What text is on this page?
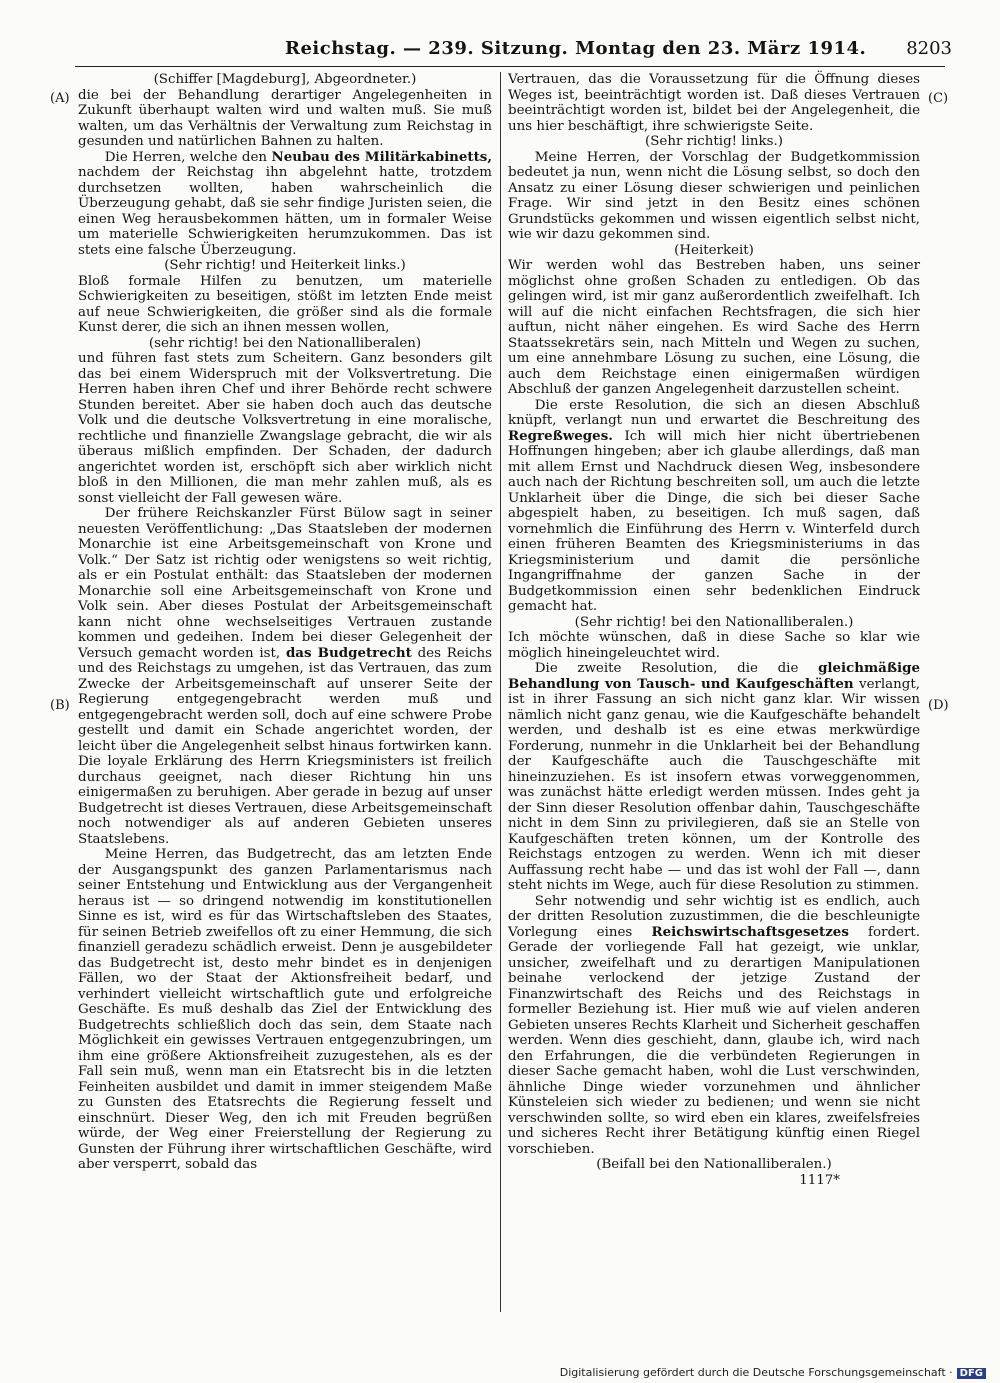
Reichstag. — 239. Sitzung. Montag den 23. März 1914. 8203
(A)
(B)
(C)
(D)

(Schiffer [Magdeburg], Abgeordneter.)

die bei der Behandlung derartiger Angelegenheiten in Zukunft überhaupt walten wird und walten muß. Sie muß walten, um das Verhältnis der Verwaltung zum Reichstag in gesunden und natürlichen Bahnen zu halten.

Die Herren, welche den Neubau des Militärkabinetts, nachdem der Reichstag ihn abgelehnt hatte, trotzdem durchsetzen wollten, haben wahrscheinlich die Überzeugung gehabt, daß sie sehr findige Juristen seien, die einen Weg herausbekommen hätten, um in formaler Weise um materielle Schwierigkeiten herumzukommen. Das ist stets eine falsche Überzeugung.

(Sehr richtig! und Heiterkeit links.)

Bloß formale Hilfen zu benutzen, um materielle Schwierigkeiten zu beseitigen, stößt im letzten Ende meist auf neue Schwierigkeiten, die größer sind als die formale Kunst derer, die sich an ihnen messen wollen,

(sehr richtig! bei den Nationalliberalen)

und führen fast stets zum Scheitern. Ganz besonders gilt das bei einem Widerspruch mit der Volksvertretung. Die Herren haben ihren Chef und ihrer Behörde recht schwere Stunden bereitet. Aber sie haben doch auch das deutsche Volk und die deutsche Volksvertretung in eine moralische, rechtliche und finanzielle Zwangslage gebracht, die wir als überaus mißlich empfinden. Der Schaden, der dadurch angerichtet worden ist, erschöpft sich aber wirklich nicht bloß in den Millionen, die man mehr zahlen muß, als es sonst vielleicht der Fall gewesen wäre.

Der frühere Reichskanzler Fürst Bülow sagt in seiner neuesten Veröffentlichung: „Das Staatsleben der modernen Monarchie ist eine Arbeitsgemeinschaft von Krone und Volk.“ Der Satz ist richtig oder wenigstens so weit richtig, als er ein Postulat enthält: das Staatsleben der modernen Monarchie soll eine Arbeitsgemeinschaft von Krone und Volk sein. Aber dieses Postulat der Arbeitsgemeinschaft kann nicht ohne wechselseitiges Vertrauen zustande kommen und gedeihen. Indem bei dieser Gelegenheit der Versuch gemacht worden ist, das Budgetrecht des Reichs und des Reichstags zu umgehen, ist das Vertrauen, das zum Zwecke der Arbeitsgemeinschaft auf unserer Seite der Regierung entgegengebracht werden muß und entgegengebracht werden soll, doch auf eine schwere Probe gestellt und damit ein Schade angerichtet worden, der leicht über die Angelegenheit selbst hinaus fortwirken kann. Die loyale Erklärung des Herrn Kriegsministers ist freilich durchaus geeignet, nach dieser Richtung hin uns einigermaßen zu beruhigen. Aber gerade in bezug auf unser Budgetrecht ist dieses Vertrauen, diese Arbeitsgemeinschaft noch notwendiger als auf anderen Gebieten unseres Staatslebens.

Meine Herren, das Budgetrecht, das am letzten Ende der Ausgangspunkt des ganzen Parlamentarismus nach seiner Entstehung und Entwicklung aus der Vergangenheit heraus ist — so dringend notwendig im konstitutionellen Sinne es ist, wird es für das Wirtschaftsleben des Staates, für seinen Betrieb zweifellos oft zu einer Hemmung, die sich finanziell geradezu schädlich erweist. Denn je ausgebildeter das Budgetrecht ist, desto mehr bindet es in denjenigen Fällen, wo der Staat der Aktionsfreiheit bedarf, und verhindert vielleicht wirtschaftlich gute und erfolgreiche Geschäfte. Es muß deshalb das Ziel der Entwicklung des Budgetrechts schließlich doch das sein, dem Staate nach Möglichkeit ein gewisses Vertrauen entgegenzubringen, um ihm eine größere Aktionsfreiheit zuzugestehen, als es der Fall sein muß, wenn man ein Etatsrecht bis in die letzten Feinheiten ausbildet und damit in immer steigendem Maße zu Gunsten des Etatsrechts die Regierung fesselt und einschnürt. Dieser Weg, den ich mit Freuden begrüßen würde, der Weg einer Freierstellung der Regierung zu Gunsten der Führung ihrer wirtschaftlichen Geschäfte, wird aber versperrt, sobald das

Vertrauen, das die Voraussetzung für die Öffnung dieses Weges ist, beeinträchtigt worden ist. Daß dieses Vertrauen beeinträchtigt worden ist, bildet bei der Angelegenheit, die uns hier beschäftigt, ihre schwierigste Seite.

(Sehr richtig! links.)

Meine Herren, der Vorschlag der Budgetkommission bedeutet ja nun, wenn nicht die Lösung selbst, so doch den Ansatz zu einer Lösung dieser schwierigen und peinlichen Frage. Wir sind jetzt in den Besitz eines schönen Grundstücks gekommen und wissen eigentlich selbst nicht, wie wir dazu gekommen sind.

(Heiterkeit)

Wir werden wohl das Bestreben haben, uns seiner möglichst ohne großen Schaden zu entledigen. Ob das gelingen wird, ist mir ganz außerordentlich zweifelhaft. Ich will auf die nicht einfachen Rechtsfragen, die sich hier auftun, nicht näher eingehen. Es wird Sache des Herrn Staatssekretärs sein, nach Mitteln und Wegen zu suchen, um eine annehmbare Lösung zu suchen, eine Lösung, die auch dem Reichstage einen einigermaßen würdigen Abschluß der ganzen Angelegenheit darzustellen scheint.

Die erste Resolution, die sich an diesen Abschluß knüpft, verlangt nun und erwartet die Beschreitung des Regreßweges. Ich will mich hier nicht übertriebenen Hoffnungen hingeben; aber ich glaube allerdings, daß man mit allem Ernst und Nachdruck diesen Weg, insbesondere auch nach der Richtung beschreiten soll, um auch die letzte Unklarheit über die Dinge, die sich bei dieser Sache abgespielt haben, zu beseitigen. Ich muß sagen, daß vornehmlich die Einführung des Herrn v. Winterfeld durch einen früheren Beamten des Kriegsministeriums in das Kriegsministerium und damit die persönliche Ingangriffnahme der ganzen Sache in der Budgetkommission einen sehr bedenklichen Eindruck gemacht hat.

(Sehr richtig! bei den Nationalliberalen.)

Ich möchte wünschen, daß in diese Sache so klar wie möglich hineingeleuchtet wird.

Die zweite Resolution, die die gleichmäßige Behandlung von Tausch- und Kaufgeschäften verlangt, ist in ihrer Fassung an sich nicht ganz klar. Wir wissen nämlich nicht ganz genau, wie die Kaufgeschäfte behandelt werden, und deshalb ist es eine etwas merkwürdige Forderung, nunmehr in die Unklarheit bei der Behandlung der Kaufgeschäfte auch die Tauschgeschäfte mit hineinzuziehen. Es ist insofern etwas vorweggenommen, was zunächst hätte erledigt werden müssen. Indes geht ja der Sinn dieser Resolution offenbar dahin, Tauschgeschäfte nicht in dem Sinn zu privilegieren, daß sie an Stelle von Kaufgeschäften treten können, um der Kontrolle des Reichstags entzogen zu werden. Wenn ich mit dieser Auffassung recht habe — und das ist wohl der Fall —, dann steht nichts im Wege, auch für diese Resolution zu stimmen.

Sehr notwendig und sehr wichtig ist es endlich, auch der dritten Resolution zuzustimmen, die die beschleunigte Vorlegung eines Reichswirtschaftsgesetzes fordert. Gerade der vorliegende Fall hat gezeigt, wie unklar, unsicher, zweifelhaft und zu derartigen Manipulationen beinahe verlockend der jetzige Zustand der Finanzwirtschaft des Reichs und des Reichstags in formeller Beziehung ist. Hier muß wie auf vielen anderen Gebieten unseres Rechts Klarheit und Sicherheit geschaffen werden. Wenn dies geschieht, dann, glaube ich, wird nach den Erfahrungen, die die verbündeten Regierungen in dieser Sache gemacht haben, wohl die Lust verschwinden, ähnliche Dinge wieder vorzunehmen und ähnlicher Künsteleien sich wieder zu bedienen; und wenn sie nicht verschwinden sollte, so wird eben ein klares, zweifelsfreies und sicheres Recht ihrer Betätigung künftig einen Riegel vorschieben.

(Beifall bei den Nationalliberalen.)

1117*

Digitalisierung gefördert durch die Deutsche Forschungsgemeinschaft · DFG
